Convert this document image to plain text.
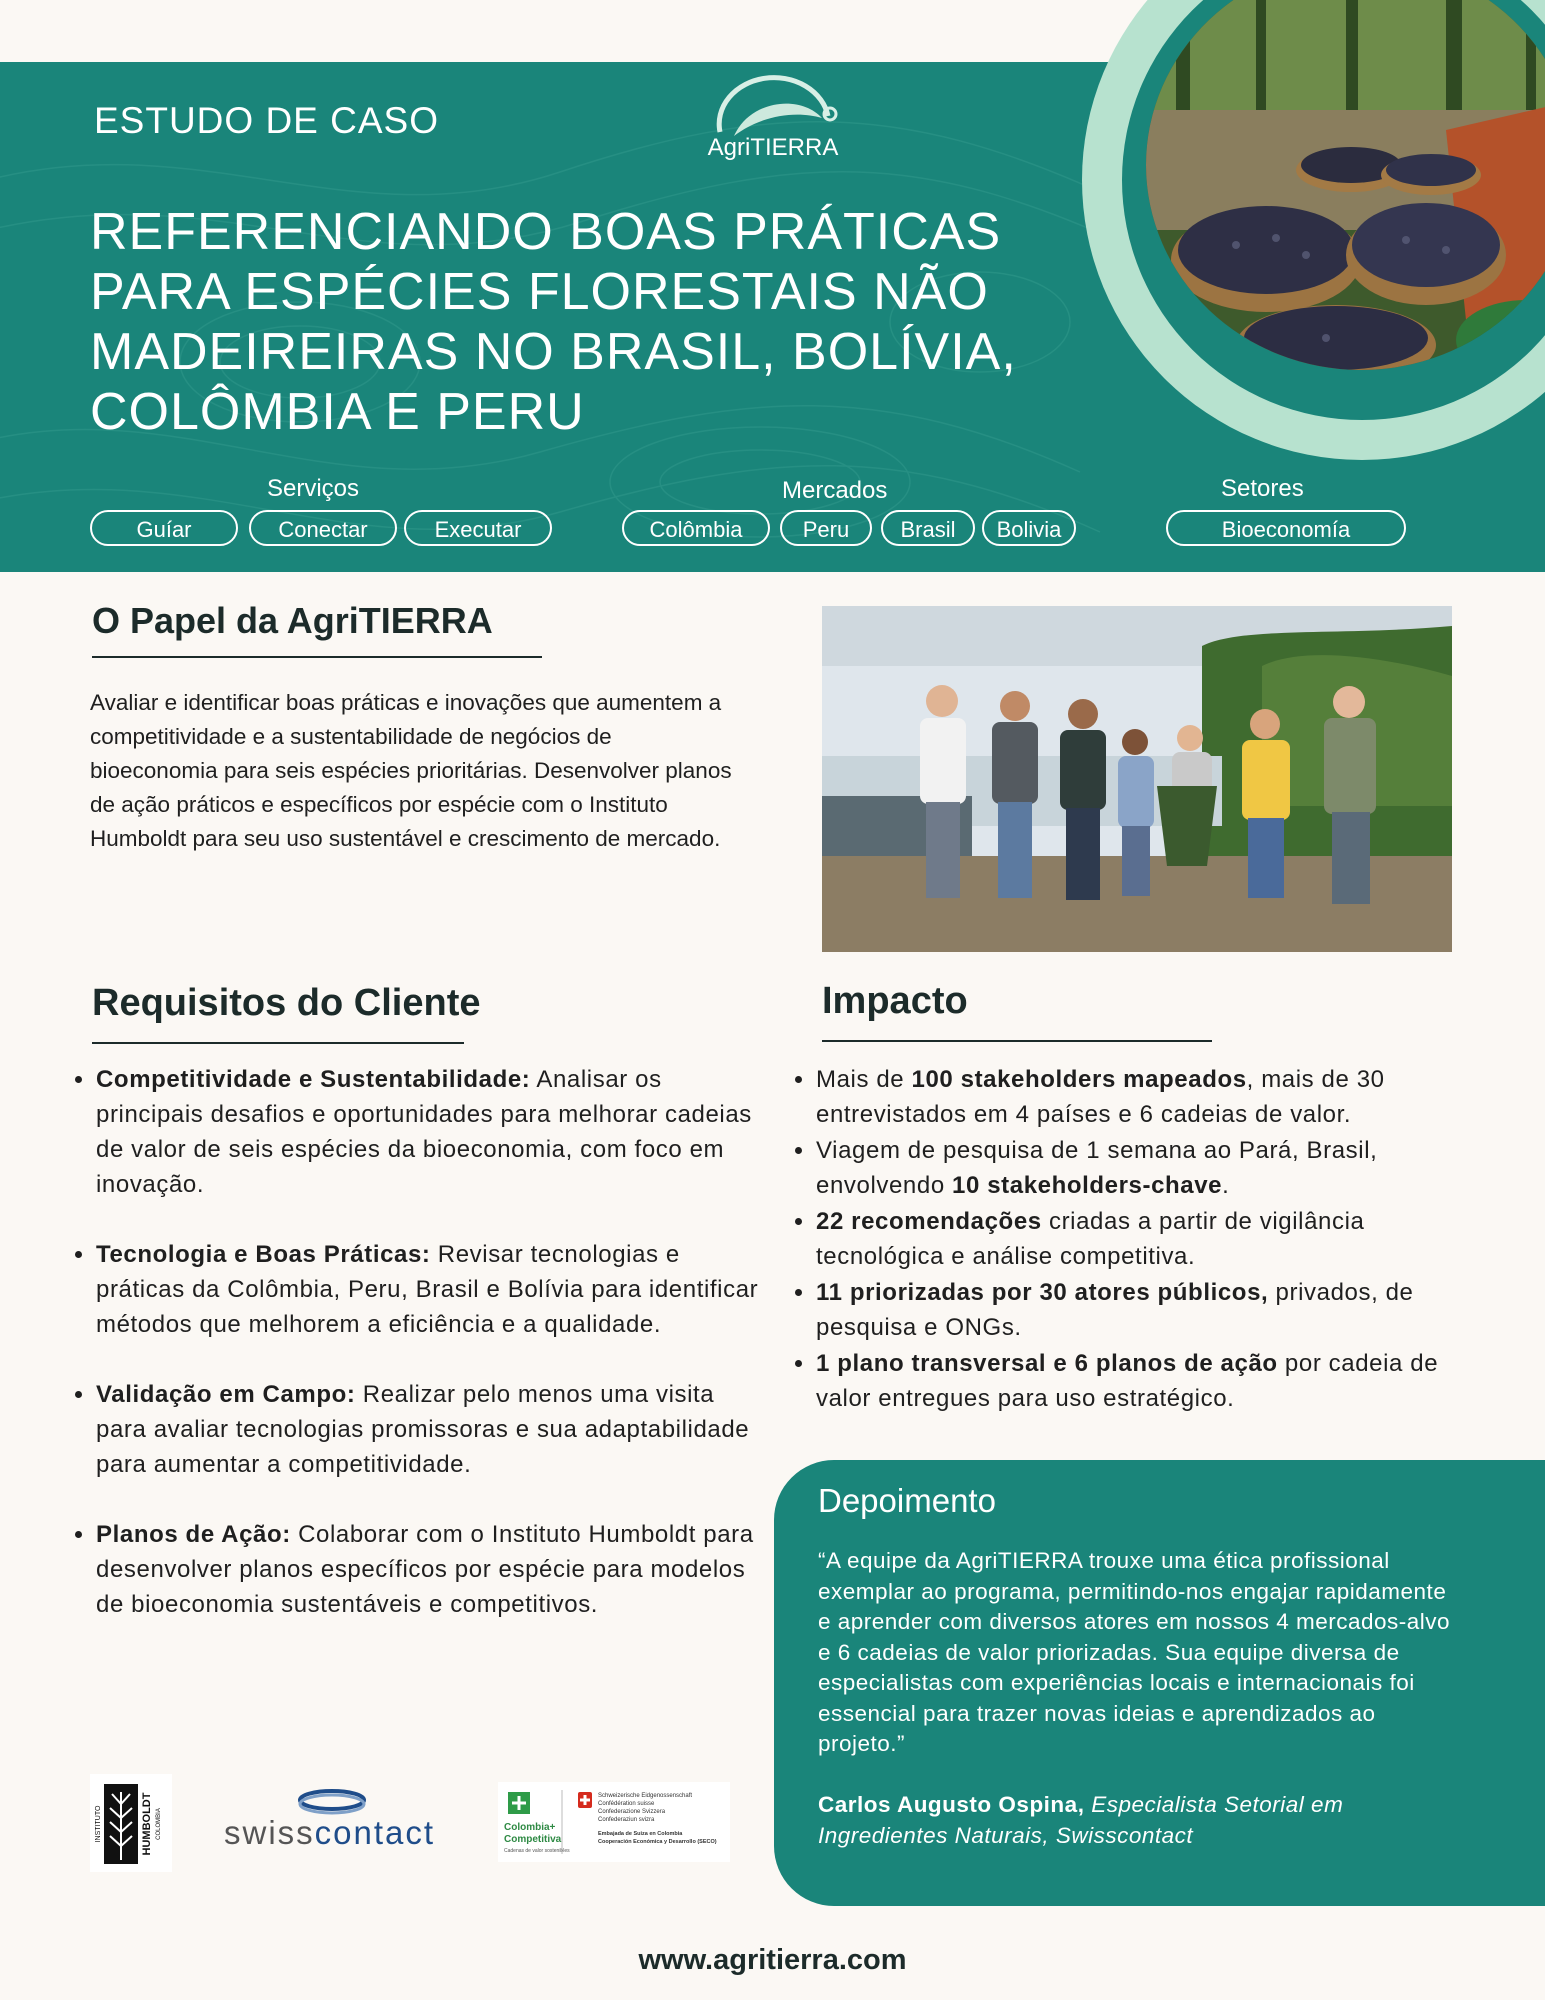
ESTUDO DE CASO
AgriTIERRA
REFERENCIANDO BOAS PRÁTICAS PARA ESPÉCIES FLORESTAIS NÃO MADEIREIRAS NO BRASIL, BOLÍVIA, COLÔMBIA E PERU
Serviços
Guíar	Conectar	Executar
Mercados
Colômbia	Peru	Brasil	Bolivia
Setores
Bioeconomía
O Papel da AgriTIERRA

Avaliar e identificar boas práticas e inovações que aumentem a competitividade e a sustentabilidade de negócios de bioeconomia para seis espécies prioritárias. Desenvolver planos de ação práticos e específicos por espécie com o Instituto Humboldt para seu uso sustentável e crescimento de mercado.

Requisitos do Cliente
• Competitividade e Sustentabilidade: Analisar os principais desafios e oportunidades para melhorar cadeias de valor de seis espécies da bioeconomia, com foco em inovação.
• Tecnologia e Boas Práticas: Revisar tecnologias e práticas da Colômbia, Peru, Brasil e Bolívia para identificar métodos que melhorem a eficiência e a qualidade.
• Validação em Campo: Realizar pelo menos uma visita para avaliar tecnologias promissoras e sua adaptabilidade para aumentar a competitividade.
• Planos de Ação: Colaborar com o Instituto Humboldt para desenvolver planos específicos por espécie para modelos de bioeconomia sustentáveis e competitivos.
Impacto
• Mais de 100 stakeholders mapeados, mais de 30 entrevistados em 4 países e 6 cadeias de valor.
• Viagem de pesquisa de 1 semana ao Pará, Brasil, envolvendo 10 stakeholders-chave.
• 22 recomendações criadas a partir de vigilância tecnológica e análise competitiva.
• 11 priorizadas por 30 atores públicos, privados, de pesquisa e ONGs.
• 1 plano transversal e 6 planos de ação por cadeia de valor entregues para uso estratégico.
Depoimento

“A equipe da AgriTIERRA trouxe uma ética profissional exemplar ao programa, permitindo-nos engajar rapidamente e aprender com diversos atores em nossos 4 mercados-alvo e 6 cadeias de valor priorizadas. Sua equipe diversa de especialistas com experiências locais e internacionais foi essencial para trazer novas ideias e aprendizados ao projeto.”

Carlos Augusto Ospina, Especialista Setorial em Ingredientes Naturais, Swisscontact

INSTITUTO	HUMBOLDT COLOMBIA swisscontact	Colombia+
Competitiva
Cadenas de valor sostenibles
Schweizerische Eidgenossenschaft
Confédération suisse
Confederazione Svizzera
Confederaziun svizra
Embajada de Suiza en Colombia
Cooperación Económica y Desarrollo (SECO)
www.agritierra.com
